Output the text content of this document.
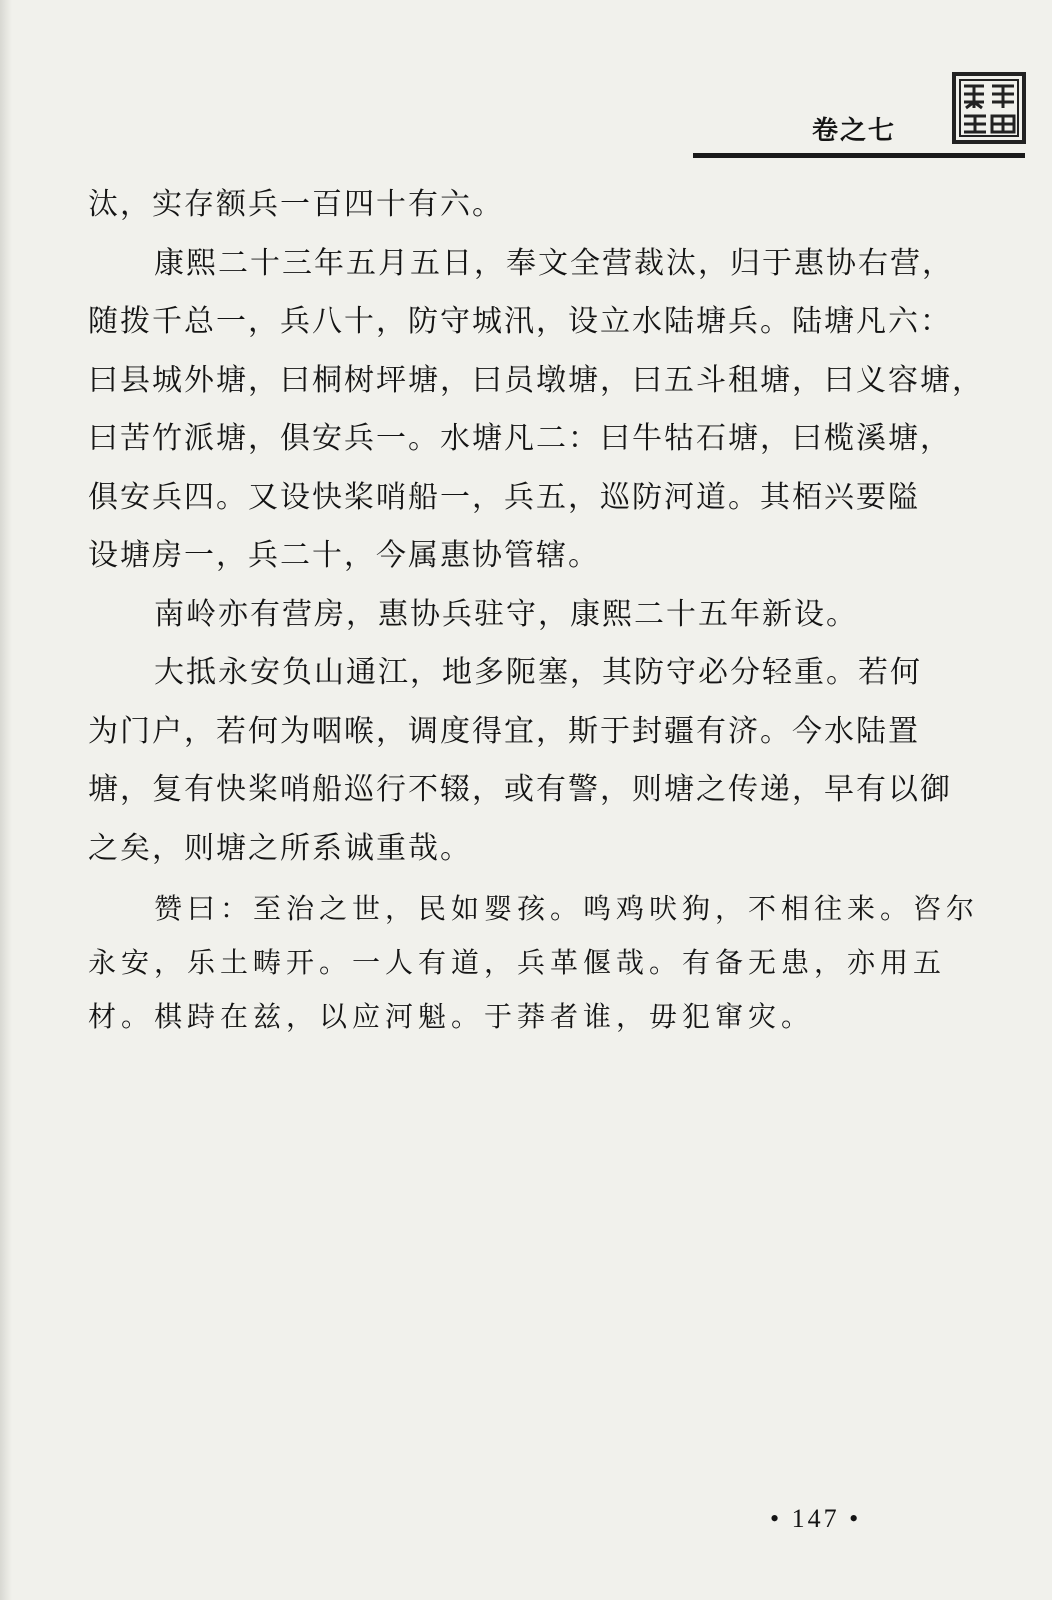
卷之七

汰，实存额兵一百四十有六。

康熙二十三年五月五日，奉文全营裁汰，归于惠协右营，
随拨千总一，兵八十，防守城汛，设立水陆塘兵。陆塘凡六：
曰县城外塘，曰桐树坪塘，曰员墩塘，曰五斗租塘，曰义容塘，
曰苦竹派塘，俱安兵一。水塘凡二：曰牛牯石塘，曰榄溪塘，
俱安兵四。又设快桨哨船一，兵五，巡防河道。其栢兴要隘
设塘房一，兵二十，今属惠协管辖。

南岭亦有营房，惠协兵驻守，康熙二十五年新设。

大抵永安负山通江，地多阨塞，其防守必分轻重。若何
为门户，若何为咽喉，调度得宜，斯于封疆有济。今水陆置
塘，复有快桨哨船巡行不辍，或有警，则塘之传递，早有以御
之矣，则塘之所系诚重哉。

赞曰：至治之世，民如婴孩。鸣鸡吠狗，不相往来。咨尔
永安，乐土畴开。一人有道，兵革偃哉。有备无患，亦用五
材。棋跱在兹，以应河魁。于莽者谁，毋犯窜灾。
• 147 •
